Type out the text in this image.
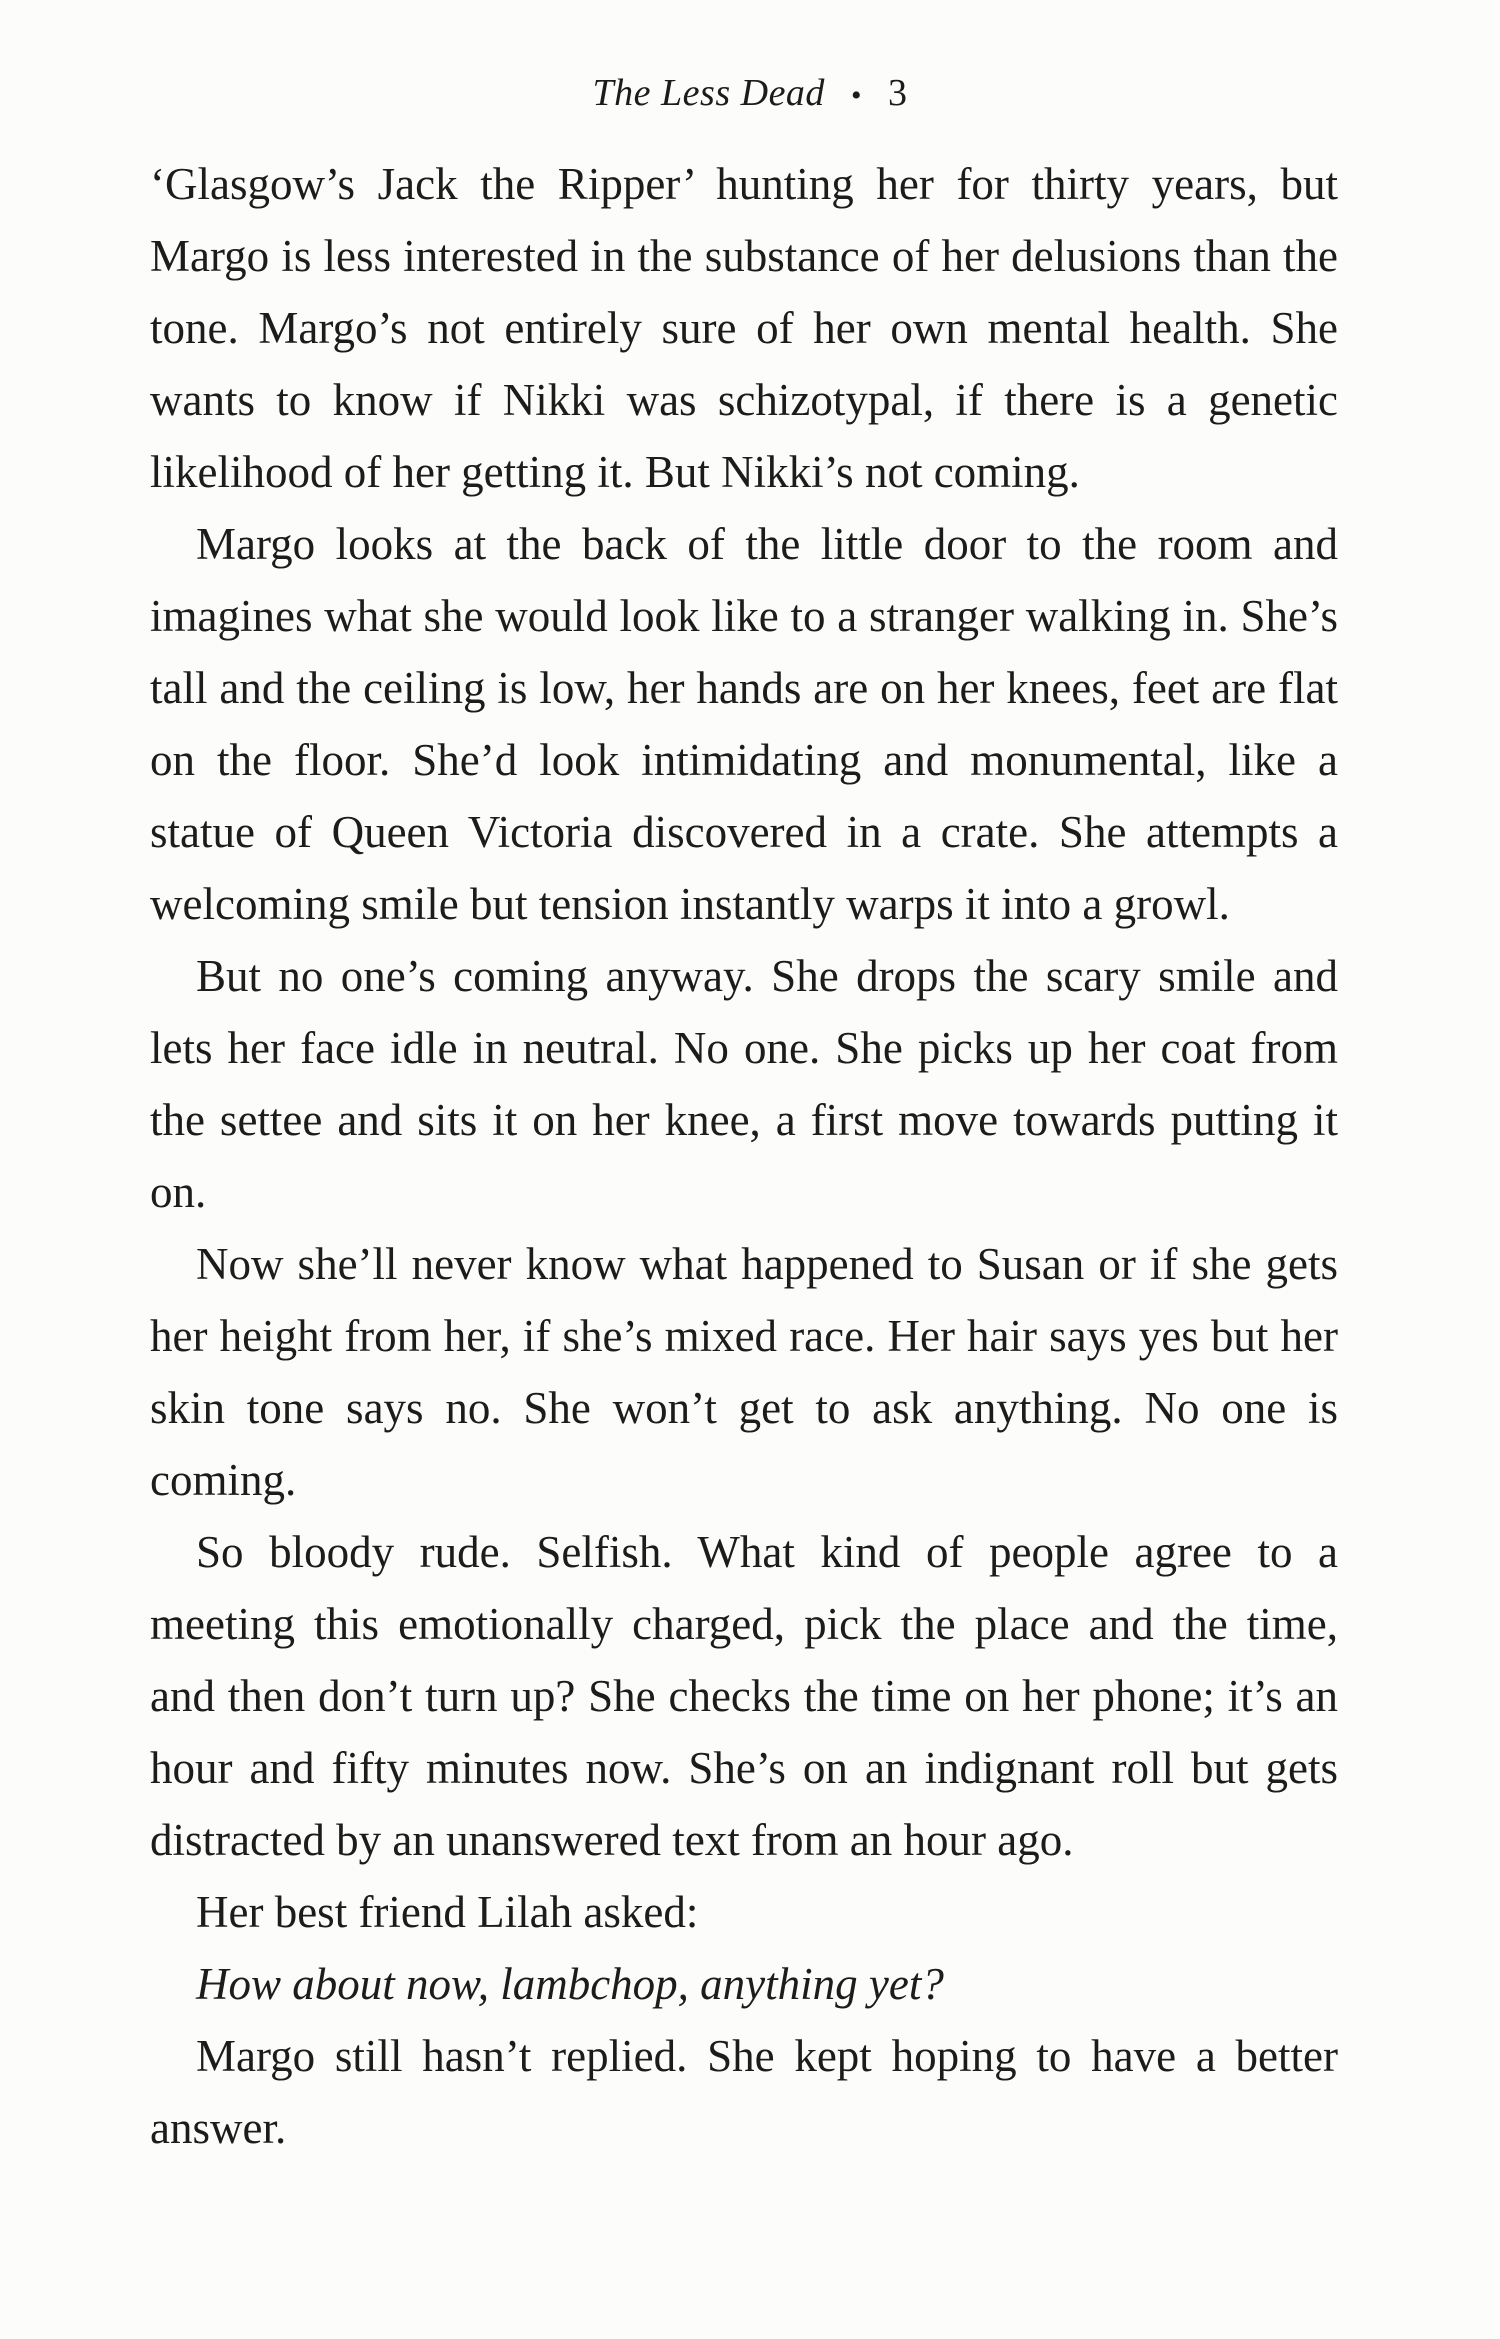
The Less Dead • 3

‘Glasgow’s Jack the Ripper’ hunting her for thirty years, but Margo is less interested in the substance of her delusions than the tone. Margo’s not entirely sure of her own mental health. She wants to know if Nikki was schizotypal, if there is a genetic likelihood of her getting it. But Nikki’s not coming.

Margo looks at the back of the little door to the room and imagines what she would look like to a stranger walking in. She’s tall and the ceiling is low, her hands are on her knees, feet are flat on the floor. She’d look intimidating and monumental, like a statue of Queen Victoria discovered in a crate. She attempts a welcoming smile but tension instantly warps it into a growl.

But no one’s coming anyway. She drops the scary smile and lets her face idle in neutral. No one. She picks up her coat from the settee and sits it on her knee, a first move towards putting it on.

Now she’ll never know what happened to Susan or if she gets her height from her, if she’s mixed race. Her hair says yes but her skin tone says no. She won’t get to ask anything. No one is coming.

So bloody rude. Selfish. What kind of people agree to a meeting this emotionally charged, pick the place and the time, and then don’t turn up? She checks the time on her phone; it’s an hour and fifty minutes now. She’s on an indignant roll but gets distracted by an unanswered text from an hour ago.

Her best friend Lilah asked:

How about now, lambchop, anything yet?

Margo still hasn’t replied. She kept hoping to have a better answer.
